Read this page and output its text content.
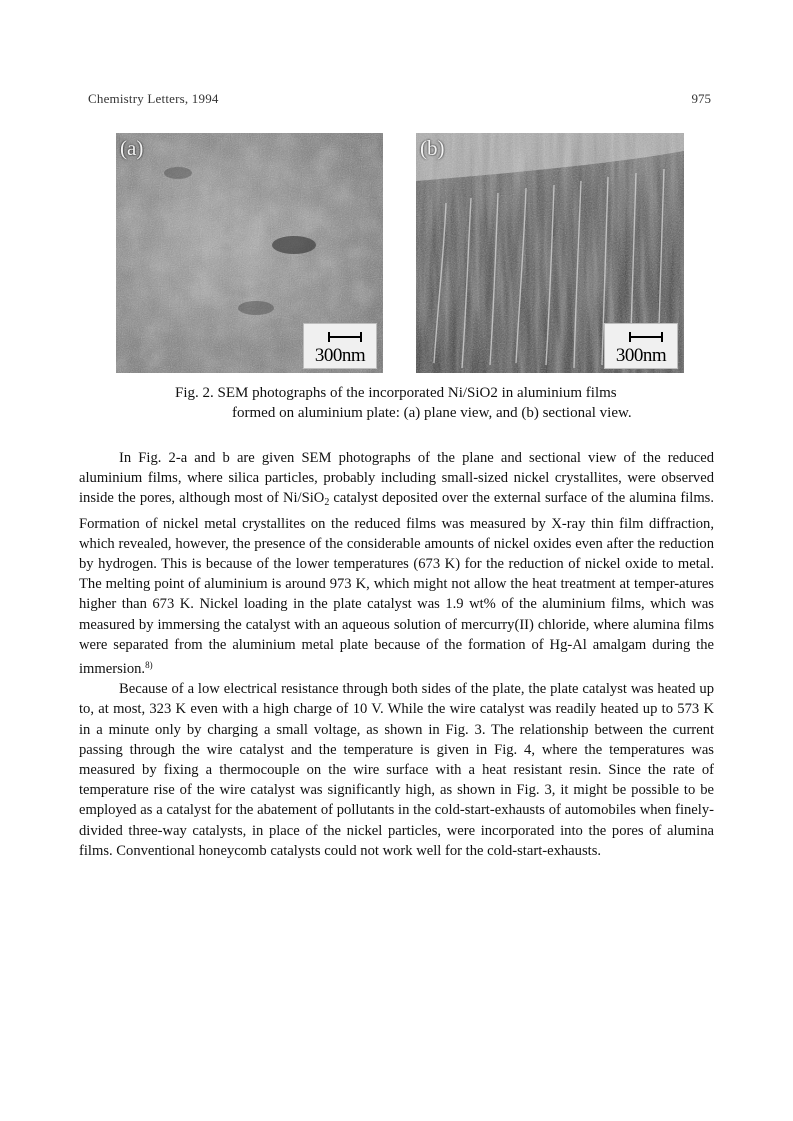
Chemistry Letters, 1994	975
(a)
300nm
(b)
300nm
Fig. 2. SEM photographs of the incorporated Ni/SiO2 in aluminium films
formed on aluminium plate: (a) plane view, and (b) sectional view.

In Fig. 2-a and b are given SEM photographs of the plane and sectional view of the reduced aluminium films, where silica particles, probably including small-sized nickel crystallites, were observed inside the pores, although most of Ni/SiO$_2$ catalyst deposited over the external surface of the alumina films. Formation of nickel metal crystallites on the reduced films was measured by X-ray thin film diffraction, which revealed, however, the presence of the considerable amounts of nickel oxides even after the reduction by hydrogen. This is because of the lower temperatures (673 K) for the reduction of nickel oxide to metal. The melting point of aluminium is around 973 K, which might not allow the heat treatment at temper-atures higher than 673 K. Nickel loading in the plate catalyst was 1.9 wt% of the aluminium films, which was measured by immersing the catalyst with an aqueous solution of mercurry(II) chloride, where alumina films were separated from the aluminium metal plate because of the formation of Hg-Al amalgam during the immersion.$^{8)}$

Because of a low electrical resistance through both sides of the plate, the plate catalyst was heated up to, at most, 323 K even with a high charge of 10 V. While the wire catalyst was readily heated up to 573 K in a minute only by charging a small voltage, as shown in Fig. 3. The relationship between the current passing through the wire catalyst and the temperature is given in Fig. 4, where the temperatures was measured by fixing a thermocouple on the wire surface with a heat resistant resin. Since the rate of temperature rise of the wire catalyst was significantly high, as shown in Fig. 3, it might be possible to be employed as a catalyst for the abatement of pollutants in the cold-start-exhausts of automobiles when finely-divided three-way catalysts, in place of the nickel particles, were incorporated into the pores of alumina films. Conventional honeycomb catalysts could not work well for the cold-start-exhausts.
